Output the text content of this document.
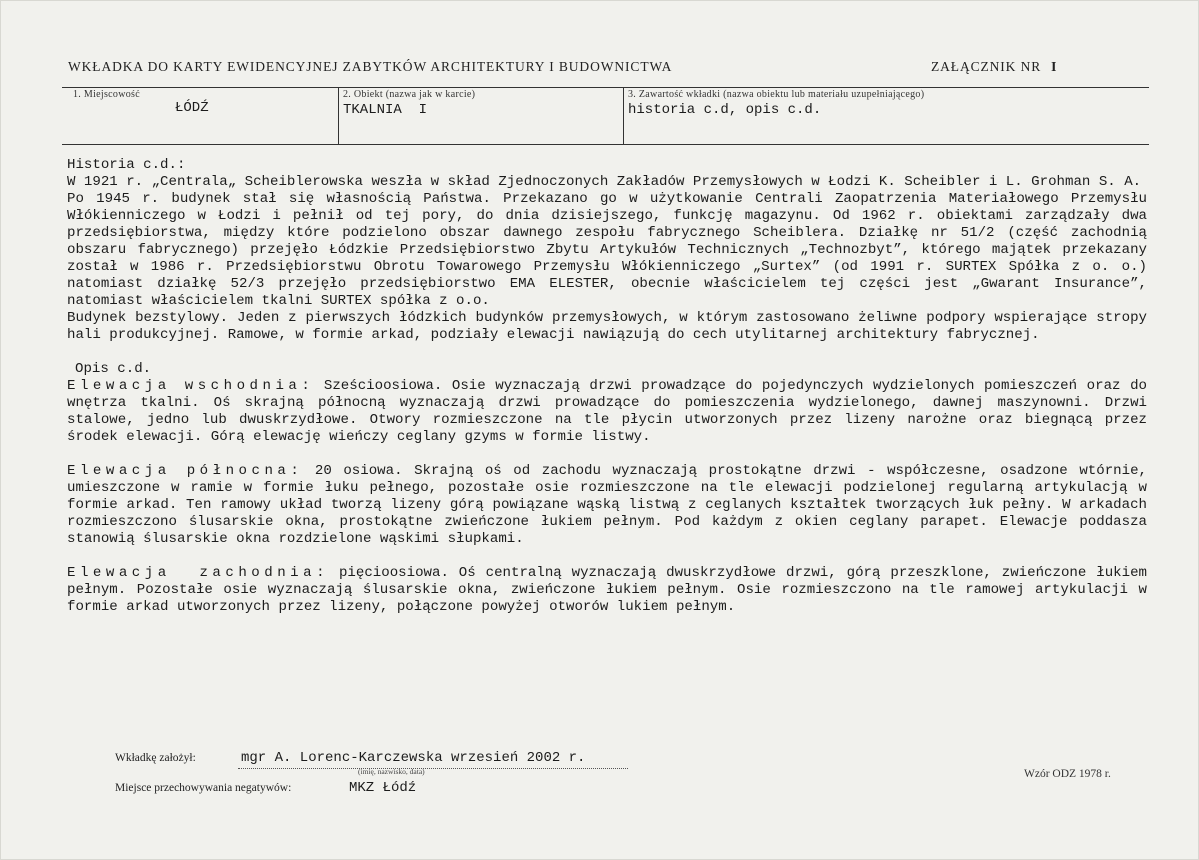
WKŁADKA DO KARTY EWIDENCYJNEJ ZABYTKÓW ARCHITEKTURY I BUDOWNICTWA	ZAŁĄCZNIK NR I
1. Miejscowość
ŁÓDŹ
2. Obiekt (nazwa jak w karcie)
TKALNIA  I
3. Zawartość wkładki (nazwa obiektu lub materiału uzupełniającego)
historia c.d, opis c.d.

Historia c.d.:

W 1921 r. „Centrala„ Scheiblerowska weszła w skład Zjednoczonych Zakładów Przemysłowych w Łodzi K. Scheibler i L. Grohman S. A.

Po 1945 r. budynek stał się własnością Państwa. Przekazano go w użytkowanie Centrali Zaopatrzenia Materiałowego Przemysłu Włókienniczego w Łodzi i pełnił od tej pory, do dnia dzisiejszego, funkcję magazynu. Od 1962 r. obiektami zarządzały dwa przedsiębiorstwa, między które podzielono obszar dawnego zespołu fabrycznego Scheiblera. Działkę nr 51/2 (część zachodnią obszaru fabrycznego) przejęło Łódzkie Przedsiębiorstwo Zbytu Artykułów Technicznych „Technozbyt”, którego majątek przekazany został w 1986 r. Przedsiębiorstwu Obrotu Towarowego Przemysłu Włókienniczego „Surtex” (od 1991 r. SURTEX Spółka z o. o.) natomiast działkę 52/3 przejęło przedsiębiorstwo EMA ELESTER, obecnie właścicielem tej części jest „Gwarant Insurance”, natomiast właścicielem tkalni SURTEX spółka z o.o.

Budynek bezstylowy. Jeden z pierwszych łódzkich budynków przemysłowych, w którym zastosowano żeliwne podpory wspierające stropy hali produkcyjnej. Ramowe, w formie arkad, podziały elewacji nawiązują do cech utylitarnej architektury fabrycznej.

Opis c.d.

Elewacja wschodnia: Sześcioosiowa. Osie wyznaczają drzwi prowadzące do pojedynczych wydzielonych pomieszczeń oraz do wnętrza tkalni. Oś skrajną północną wyznaczają drzwi prowadzące do pomieszczenia wydzielonego, dawnej maszynowni. Drzwi stalowe, jedno lub dwuskrzydłowe. Otwory rozmieszczone na tle płycin utworzonych przez lizeny narożne oraz biegnącą przez środek elewacji. Górą elewację wieńczy ceglany gzyms w formie listwy.

Elewacja północna: 20 osiowa. Skrajną oś od zachodu wyznaczają prostokątne drzwi - współczesne, osadzone wtórnie, umieszczone w ramie w formie łuku pełnego, pozostałe osie rozmieszczone na tle elewacji podzielonej regularną artykulacją w formie arkad. Ten ramowy układ tworzą lizeny górą powiązane wąską listwą z ceglanych kształtek tworzących łuk pełny. W arkadach rozmieszczono ślusarskie okna, prostokątne zwieńczone łukiem pełnym. Pod każdym z okien ceglany parapet. Elewacje poddasza stanowią ślusarskie okna rozdzielone wąskimi słupkami.

Elewacja  zachodnia: pięcioosiowa. Oś centralną wyznaczają dwuskrzydłowe drzwi, górą przeszklone, zwieńczone łukiem pełnym. Pozostałe osie wyznaczają ślusarskie okna, zwieńczone łukiem pełnym. Osie rozmieszczono na tle ramowej artykulacji w formie arkad utworzonych przez lizeny, połączone powyżej otworów lukiem pełnym.

Wkładkę założył:	mgr A. Lorenc-Karczewska wrzesień 2002 r.
(imię, nazwisko, data)
Miejsce przechowywania negatywów:	MKZ Łódź
Wzór ODZ 1978 r.
